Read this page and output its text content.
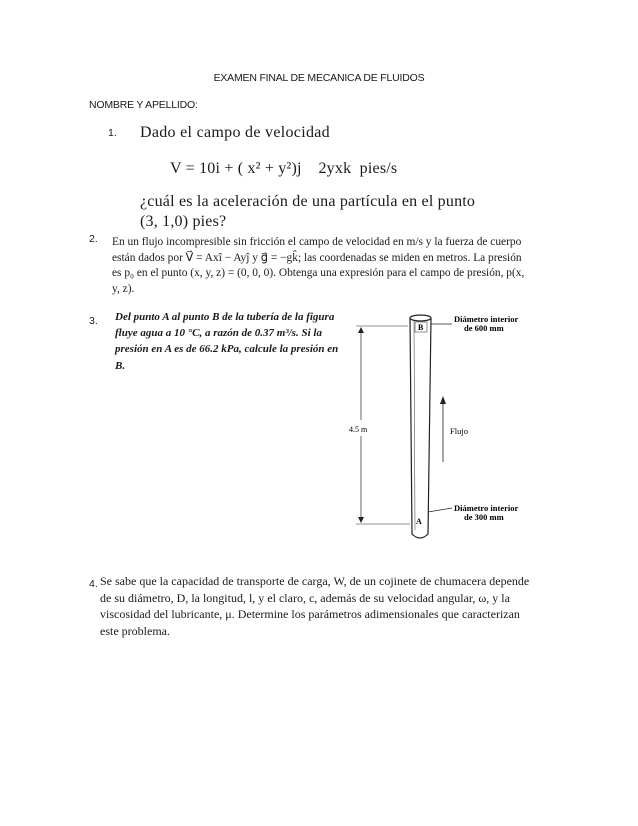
EXAMEN FINAL DE MECANICA DE FLUIDOS
NOMBRE Y APELLIDO:
1. Dado el campo de velocidad
V = 10i + ( x² + y²)j    2yxk  pies/s
¿cuál es la aceleración de una partícula en el punto
(3, 1,0) pies?
2. En un flujo incompresible sin fricción el campo de velocidad en m/s y la fuerza de cuerpo están dados por V⃗ = Axî − Ayĵ y g⃗ = −gk̂; las coordenadas se miden en metros. La presión es p₀ en el punto (x, y, z) = (0, 0, 0). Obtenga una expresión para el campo de presión, p(x, y, z).
3. Del punto A al punto B de la tubería de la figura fluye agua a 10 °C, a razón de 0.37 m³/s. Si la presión en A es de 66.2 kPa, calcule la presión en B.
B
A
Diámetro interior
de 600 mm
Diámetro interior
de 300 mm
4.5 m	Flujo
4. Se sabe que la capacidad de transporte de carga, W, de un cojinete de chumacera depende de su diámetro, D, la longitud, l, y el claro, c, además de su velocidad angular, ω, y la viscosidad del lubricante, μ. Determine los parámetros adimensionales que caracterizan este problema.
